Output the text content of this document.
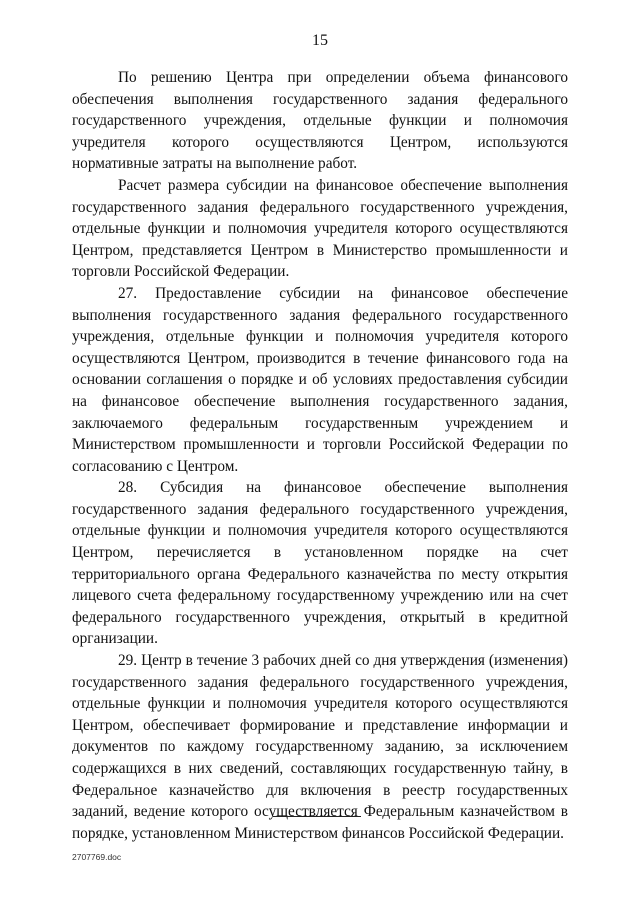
15

По решению Центра при определении объема финансового обеспечения выполнения государственного задания федерального государственного учреждения, отдельные функции и полномочия учредителя которого осуществляются Центром, используются нормативные затраты на выполнение работ.

Расчет размера субсидии на финансовое обеспечение выполнения государственного задания федерального государственного учреждения, отдельные функции и полномочия учредителя которого осуществляются Центром, представляется Центром в Министерство промышленности и торговли Российской Федерации.

27. Предоставление субсидии на финансовое обеспечение выполнения государственного задания федерального государственного учреждения, отдельные функции и полномочия учредителя которого осуществляются Центром, производится в течение финансового года на основании соглашения о порядке и об условиях предоставления субсидии на финансовое обеспечение выполнения государственного задания, заключаемого федеральным государственным учреждением и Министерством промышленности и торговли Российской Федерации по согласованию с Центром.

28. Субсидия на финансовое обеспечение выполнения государственного задания федерального государственного учреждения, отдельные функции и полномочия учредителя которого осуществляются Центром, перечисляется в установленном порядке на счет территориального органа Федерального казначейства по месту открытия лицевого счета федеральному государственному учреждению или на счет федерального государственного учреждения, открытый в кредитной организации.

29. Центр в течение 3 рабочих дней со дня утверждения (изменения) государственного задания федерального государственного учреждения, отдельные функции и полномочия учредителя которого осуществляются Центром, обеспечивает формирование и представление информации и документов по каждому государственному заданию, за исключением содержащихся в них сведений, составляющих государственную тайну, в Федеральное казначейство для включения в реестр государственных заданий, ведение которого осуществляется Федеральным казначейством в порядке, установленном Министерством финансов Российской Федерации.

2707769.doc
